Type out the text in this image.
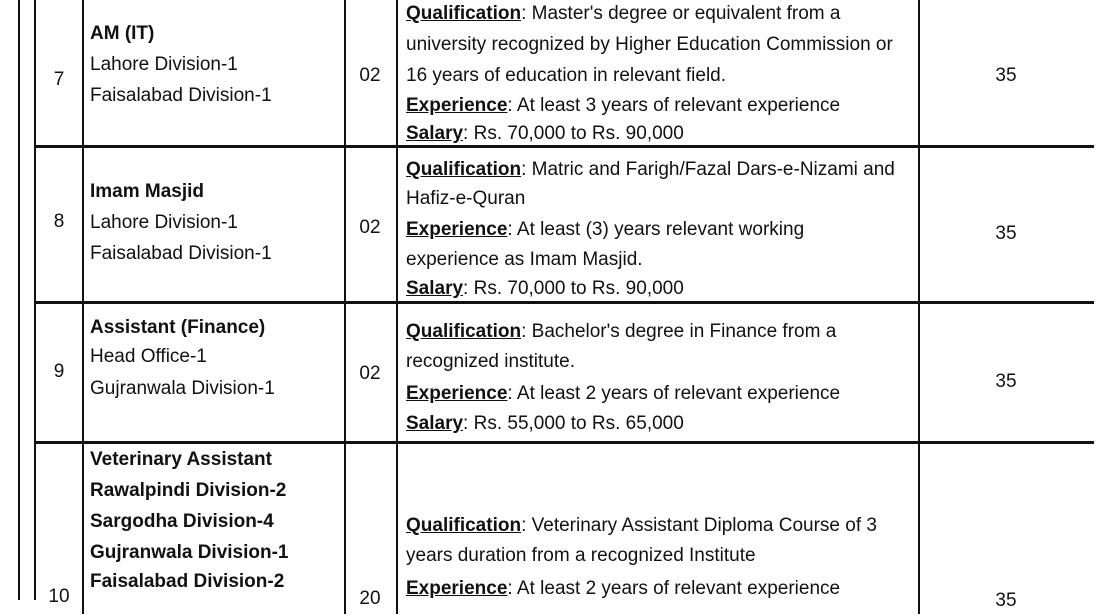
7
AM (IT)
Lahore Division-1
Faisalabad Division-1
02
Qualification: Master's degree or equivalent from a
university recognized by Higher Education Commission or
16 years of education in relevant field.
Experience: At least 3 years of relevant experience
Salary: Rs. 70,000 to Rs. 90,000
35
8
Imam Masjid
Lahore Division-1
Faisalabad Division-1
02
Qualification: Matric and Farigh/Fazal Dars-e-Nizami and
Hafiz-e-Quran
Experience: At least (3) years relevant working
experience as Imam Masjid.
Salary: Rs. 70,000 to Rs. 90,000
35
9
Assistant (Finance)
Head Office-1
Gujranwala Division-1
02
Qualification: Bachelor's degree in Finance from a
recognized institute.
Experience: At least 2 years of relevant experience
Salary: Rs. 55,000 to Rs. 65,000
35
10
Veterinary Assistant
Rawalpindi Division-2
Sargodha Division-4
Gujranwala Division-1
Faisalabad Division-2
20
Qualification: Veterinary Assistant Diploma Course of 3
years duration from a recognized Institute
Experience: At least 2 years of relevant experience
35
